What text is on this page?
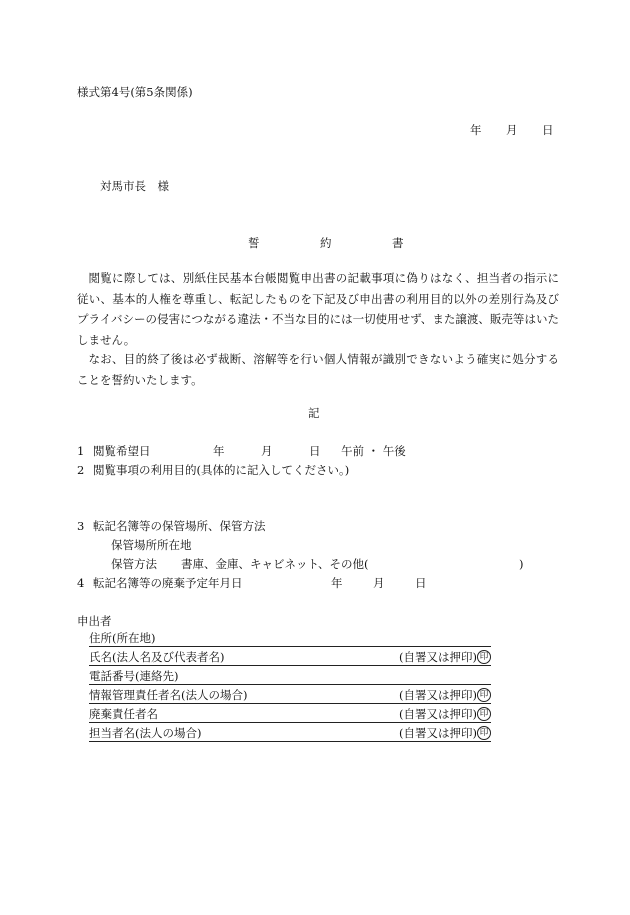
様式第4号(第5条関係)
年 月 日
対馬市長　様
誓	約	書
閲覧に際しては、別紙住民基本台帳閲覧申出書の記載事項に偽りはなく、担当者の指示に従い、基本的人権を尊重し、転記したものを下記及び申出書の利用目的以外の差別行為及びプライバシーの侵害につながる違法・不当な目的には一切使用せず、また譲渡、販売等はいたしません。
なお、目的終了後は必ず裁断、溶解等を行い個人情報が識別できないよう確実に処分することを誓約いたします。
記
1 閲覧希望日	年	月	日 午前 ・ 午後
2 閲覧事項の利用目的(具体的に記入してください。)
3 転記名簿等の保管場所、保管方法
保管場所所在地
保管方法 書庫、金庫、キャビネット、その他(	)
4 転記名簿等の廃棄予定年月日	年	月	日
申出者
住所(所在地)
氏名(法人名及び代表者名)	(自署又は押印) 印
電話番号(連絡先)
情報管理責任者名(法人の場合)	(自署又は押印) 印
廃棄責任者名	(自署又は押印) 印
担当者名(法人の場合)	(自署又は押印) 印
